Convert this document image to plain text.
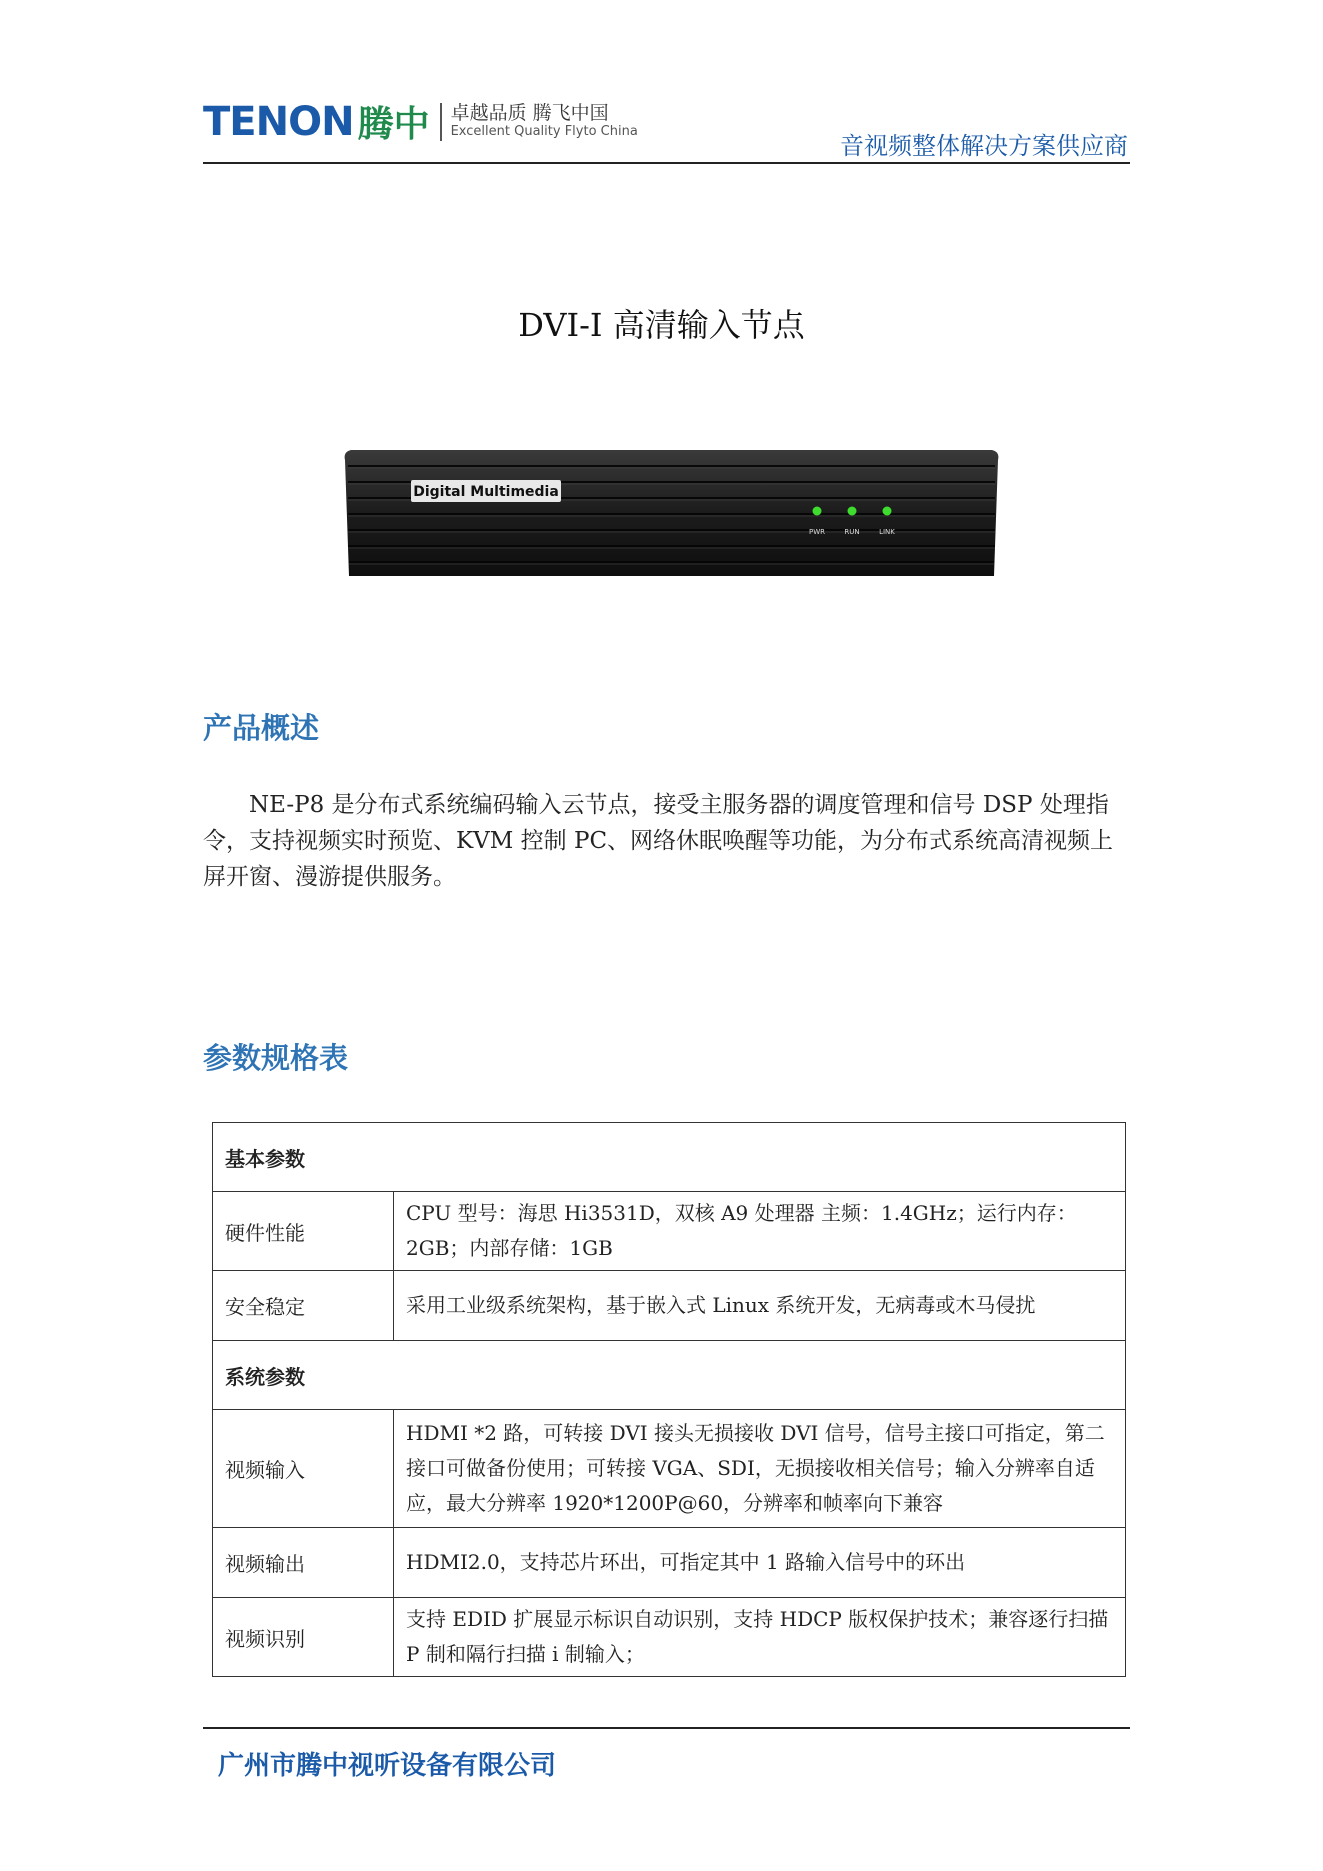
TENON 腾中 卓越品质 腾飞中国
Excellent Quality Flyto China
音视频整体解决方案供应商
DVI-I 高清输入节点
Digital Multimedia
PWR	RUN	LINK
产品概述
NE-P8 是分布式系统编码输入云节点，接受主服务器的调度管理和信号 DSP 处理指令，支持视频实时预览、KVM 控制 PC、网络休眠唤醒等功能，为分布式系统高清视频上屏开窗、漫游提供服务。
参数规格表
基本参数	
硬件性能	CPU 型号：海思 Hi3531D，双核 A9 处理器 主频：1.4GHz；运行内存：2GB；内部存储：1GB
安全稳定	采用工业级系统架构，基于嵌入式 Linux 系统开发，无病毒或木马侵扰
系统参数	
视频输入	HDMI *2 路，可转接 DVI 接头无损接收 DVI 信号，信号主接口可指定，第二接口可做备份使用；可转接 VGA、SDI，无损接收相关信号；输入分辨率自适应，最大分辨率 1920*1200P@60，分辨率和帧率向下兼容
视频输出	HDMI2.0，支持芯片环出，可指定其中 1 路输入信号中的环出
视频识别	支持 EDID 扩展显示标识自动识别，支持 HDCP 版权保护技术；兼容逐行扫描 P 制和隔行扫描 i 制输入；
广州市腾中视听设备有限公司
